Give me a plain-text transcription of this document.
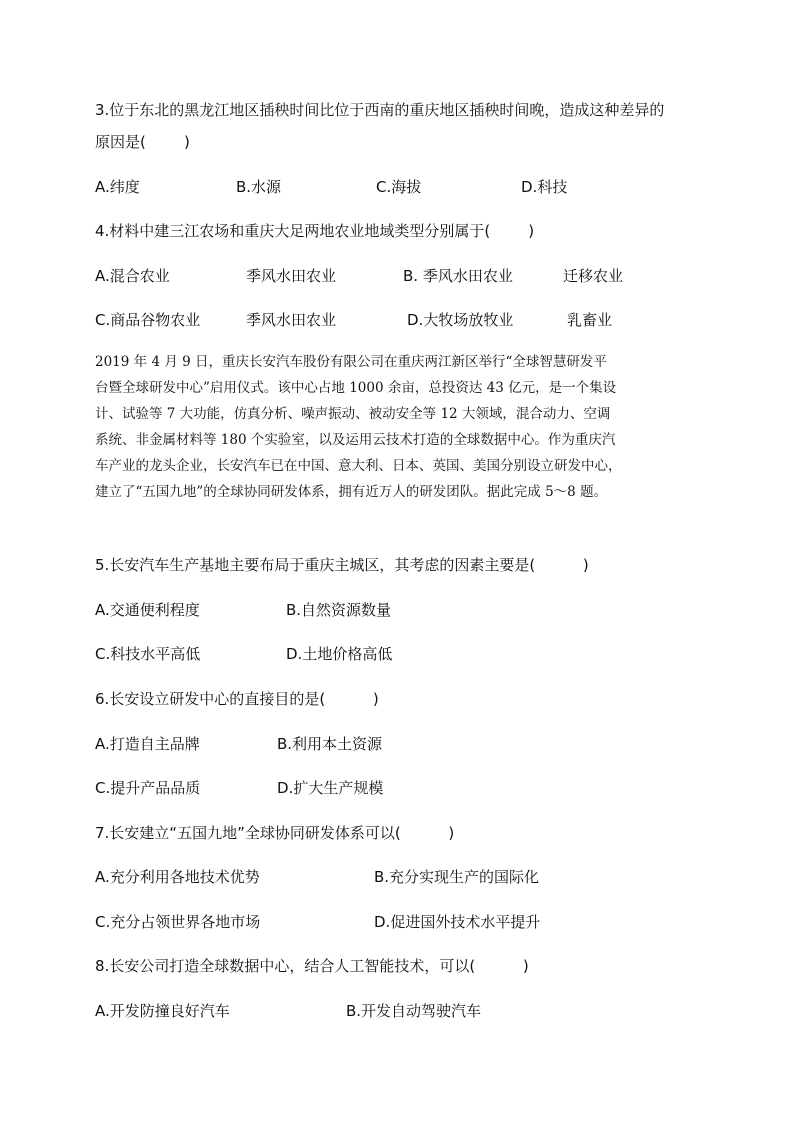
3.位于东北的黑龙江地区插秧时间比位于西南的重庆地区插秧时间晚，造成这种差异的
原因是(        )
A.纬度	B.水源	C.海拔	D.科技
4.材料中建三江农场和重庆大足两地农业地域类型分别属于(        )
A.混合农业	季风水田农业	B. 季风水田农业	迁移农业
C.商品谷物农业	季风水田农业	D.大牧场放牧业	乳畜业

2019 年 4 月 9 日，重庆长安汽车股份有限公司在重庆两江新区举行“全球智慧研发平

台暨全球研发中心”启用仪式。该中心占地 1000 余亩，总投资达 43 亿元，是一个集设

计、试验等 7 大功能，仿真分析、噪声振动、被动安全等 12 大领域，混合动力、空调

系统、非金属材料等 180 个实验室，以及运用云技术打造的全球数据中心。作为重庆汽

车产业的龙头企业，长安汽车已在中国、意大利、日本、英国、美国分别设立研发中心，

建立了“五国九地”的全球协同研发体系，拥有近万人的研发团队。据此完成 5～8 题。

5.长安汽车生产基地主要布局于重庆主城区，其考虑的因素主要是(          )
A.交通便利程度	B.自然资源数量
C.科技水平高低	D.土地价格高低
6.长安设立研发中心的直接目的是(          )
A.打造自主品牌	B.利用本土资源
C.提升产品品质	D.扩大生产规模
7.长安建立“五国九地”全球协同研发体系可以(          )
A.充分利用各地技术优势	B.充分实现生产的国际化
C.充分占领世界各地市场	D.促进国外技术水平提升
8.长安公司打造全球数据中心，结合人工智能技术，可以(          )
A.开发防撞良好汽车	B.开发自动驾驶汽车
